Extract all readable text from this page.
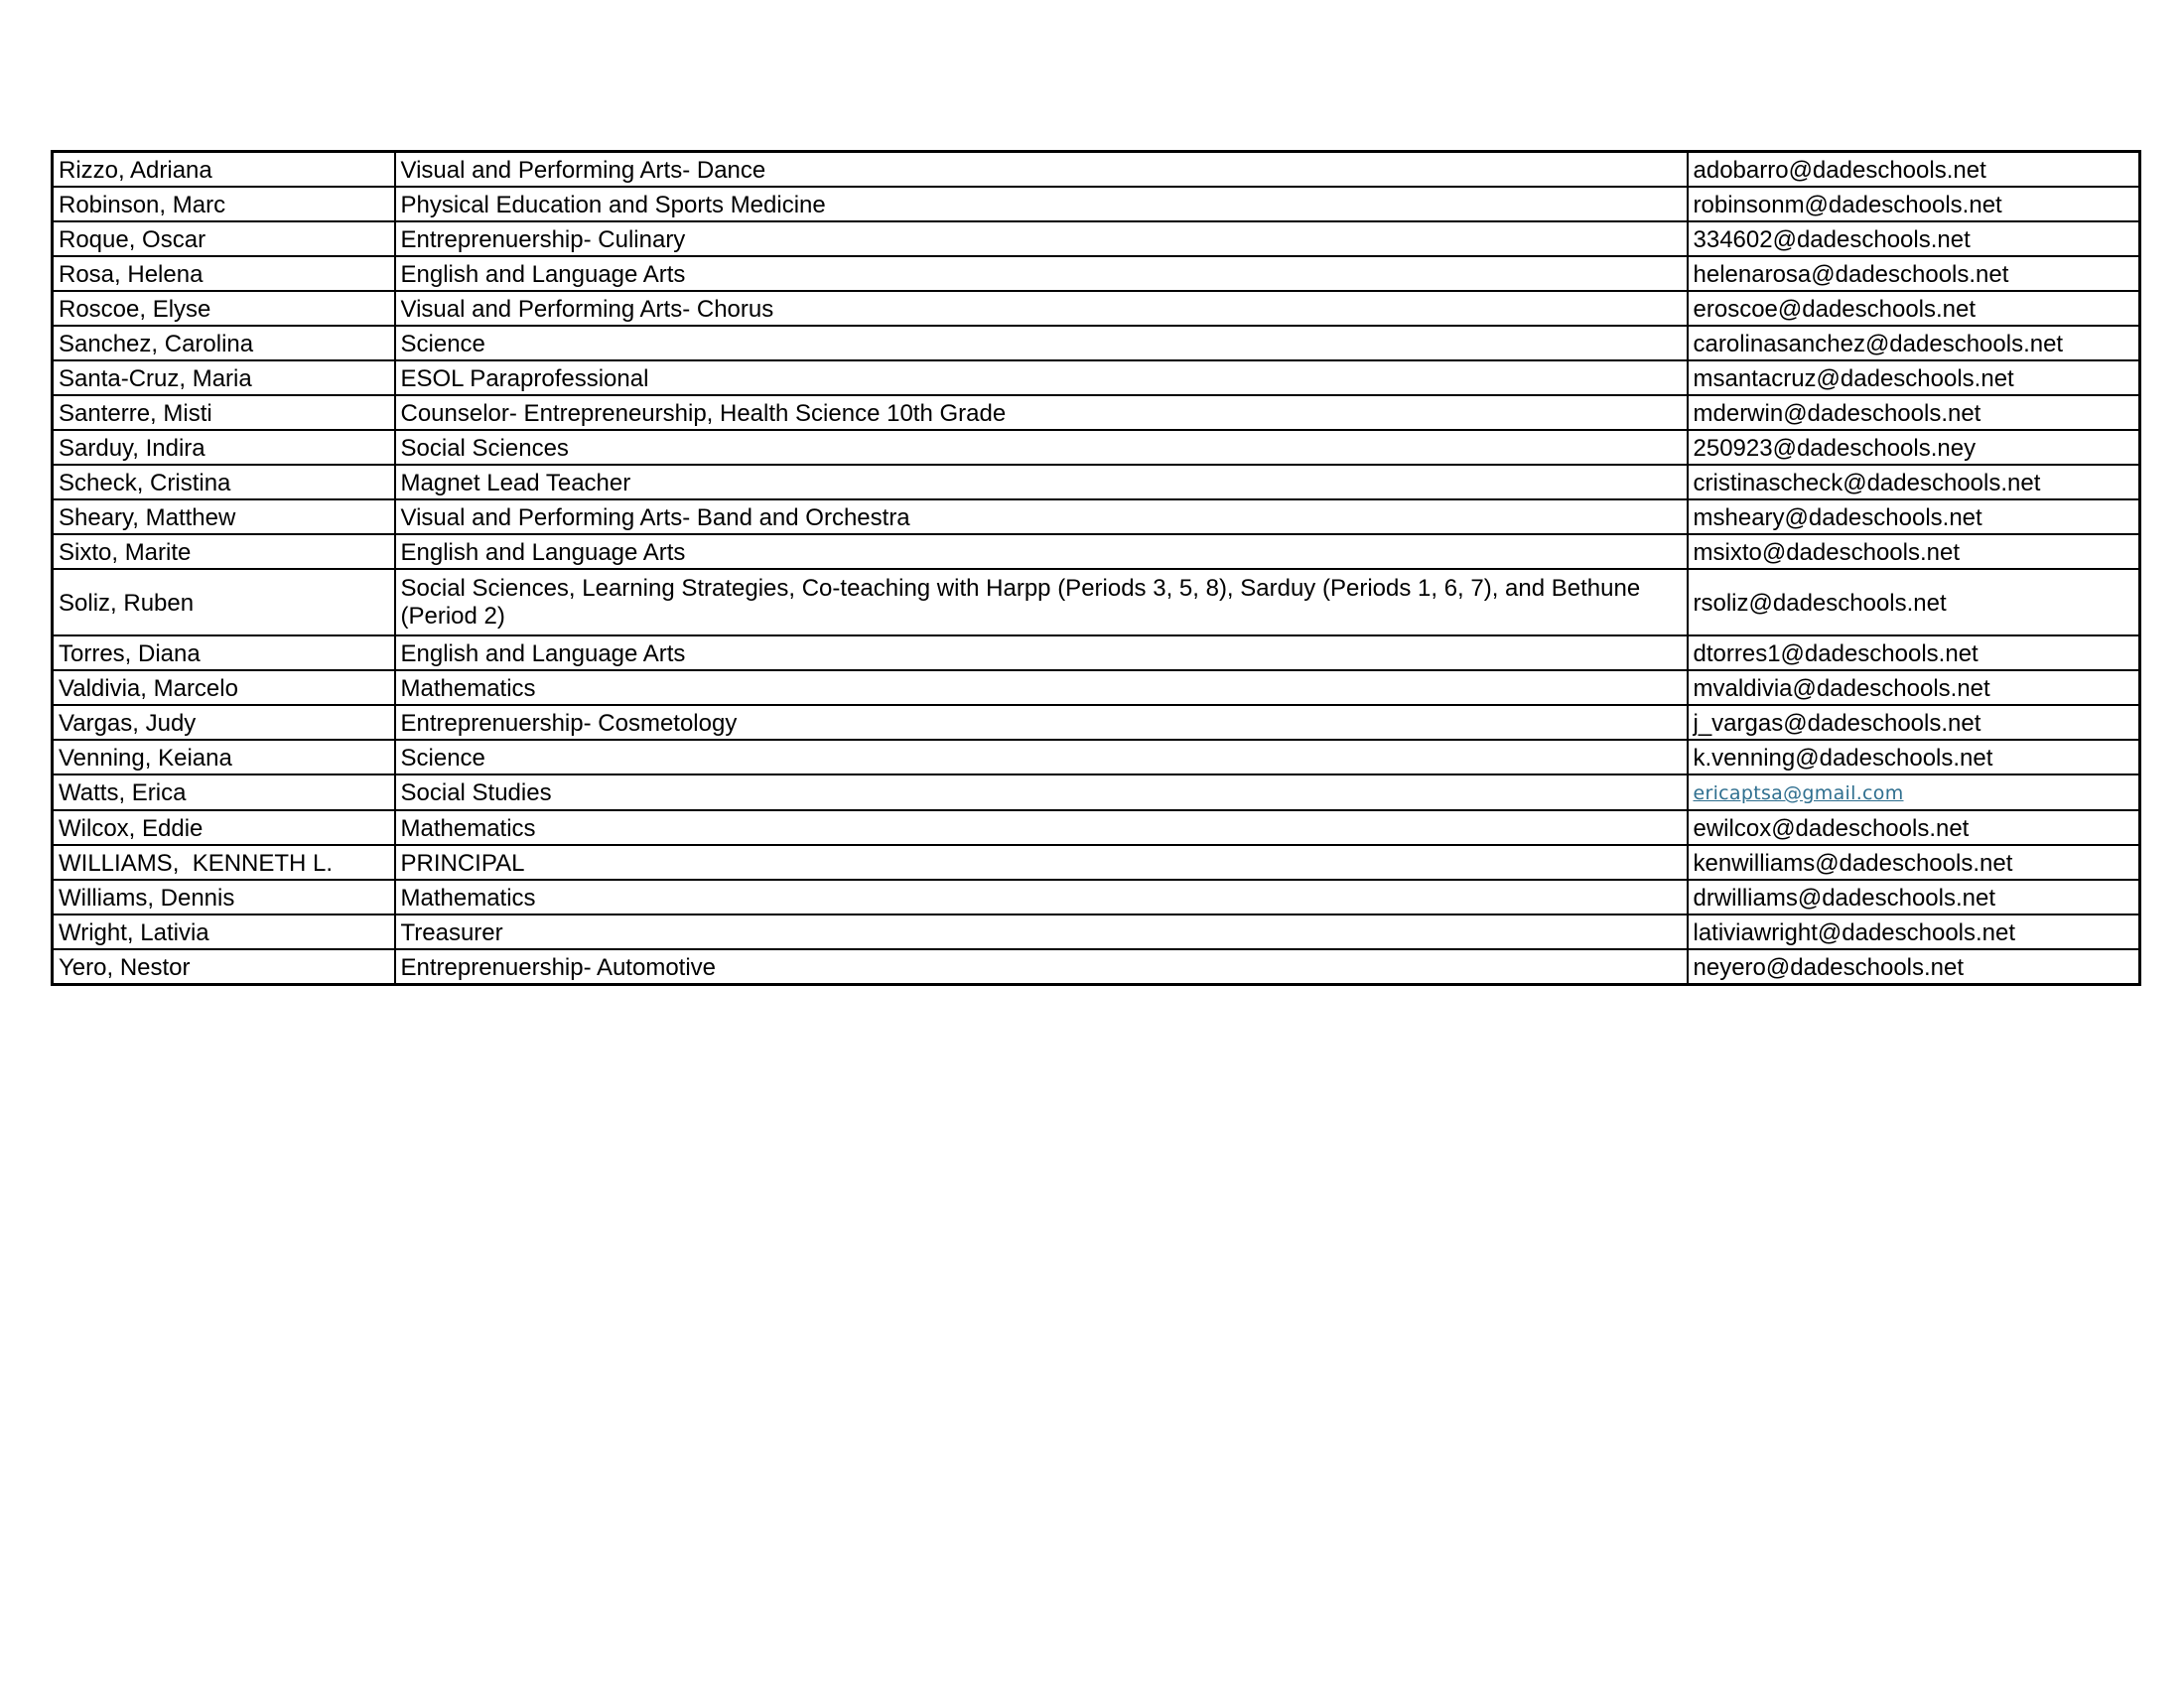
Rizzo, Adriana	Visual and Performing Arts- Dance	adobarro@dadeschools.net
Robinson, Marc	Physical Education and Sports Medicine	robinsonm@dadeschools.net
Roque, Oscar	Entreprenuership- Culinary	334602@dadeschools.net
Rosa, Helena	English and Language Arts	helenarosa@dadeschools.net
Roscoe, Elyse	Visual and Performing Arts- Chorus	eroscoe@dadeschools.net
Sanchez, Carolina	Science	carolinasanchez@dadeschools.net
Santa-Cruz, Maria	ESOL Paraprofessional	msantacruz@dadeschools.net
Santerre, Misti	Counselor- Entrepreneurship, Health Science 10th Grade	mderwin@dadeschools.net
Sarduy, Indira	Social Sciences	250923@dadeschools.ney
Scheck, Cristina	Magnet Lead Teacher	cristinascheck@dadeschools.net
Sheary, Matthew	Visual and Performing Arts- Band and Orchestra	msheary@dadeschools.net
Sixto, Marite	English and Language Arts	msixto@dadeschools.net
Soliz, Ruben	Social Sciences, Learning Strategies, Co-teaching with Harpp (Periods 3, 5, 8), Sarduy (Periods 1, 6, 7), and Bethune (Period 2)	rsoliz@dadeschools.net
Torres, Diana	English and Language Arts	dtorres1@dadeschools.net
Valdivia, Marcelo	Mathematics	mvaldivia@dadeschools.net
Vargas, Judy	Entreprenuership- Cosmetology	j_vargas@dadeschools.net
Venning, Keiana	Science	k.venning@dadeschools.net
Watts, Erica	Social Studies	ericaptsa@gmail.com
Wilcox, Eddie	Mathematics	ewilcox@dadeschools.net
WILLIAMS,  KENNETH L.	PRINCIPAL	kenwilliams@dadeschools.net
Williams, Dennis	Mathematics	drwilliams@dadeschools.net
Wright, Lativia	Treasurer	lativiawright@dadeschools.net
Yero, Nestor	Entreprenuership- Automotive	neyero@dadeschools.net
